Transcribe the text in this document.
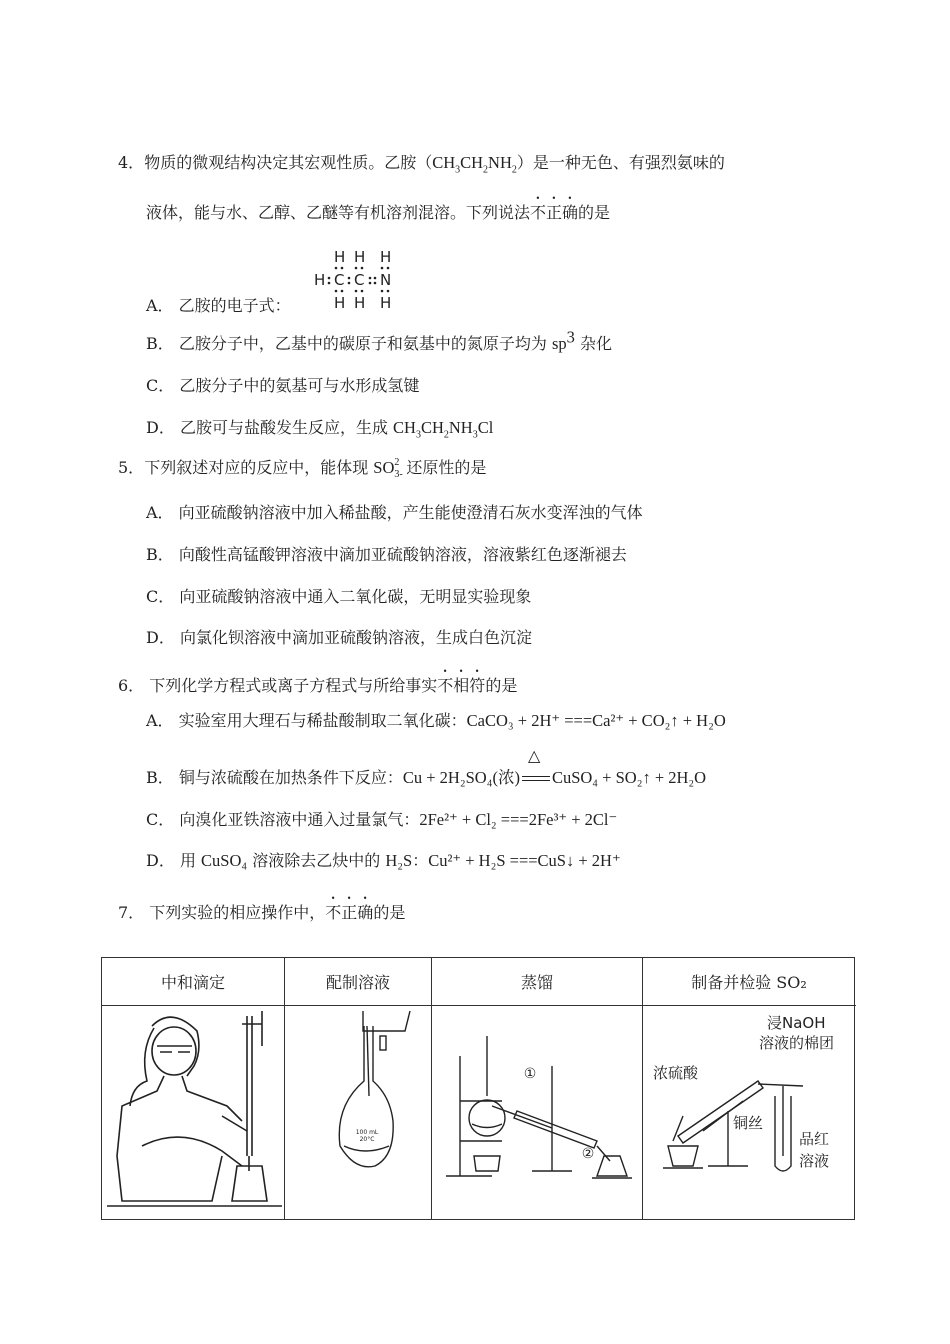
4．物质的微观结构决定其宏观性质。乙胺$(CH_3CH_2NH_2)$是一种无色、有强烈氨味的
液体，能与水、乙醇、乙醚等有机溶剂混溶。下列说法不正确的是
H H H
H C C N
H H H
A． 乙胺的电子式：
B． 乙胺分子中，乙基中的碳原子和氨基中的氮原子均为 $sp^3$ 杂化
C． 乙胺分子中的氨基可与水形成氢键
D． 乙胺可与盐酸发生反应，生成 $CH_3CH_2NH_3Cl$
5．下列叙述对应的反应中，能体现 SO 2
3- 还原性的是
A． 向亚硫酸钠溶液中加入稀盐酸，产生能使澄清石灰水变浑浊的气体
B． 向酸性高锰酸钾溶液中滴加亚硫酸钠溶液，溶液紫红色逐渐褪去
C． 向亚硫酸钠溶液中通入二氧化碳，无明显实验现象
D． 向氯化钡溶液中滴加亚硫酸钠溶液，生成白色沉淀
6． 下列化学方程式或离子方程式与所给事实不相符的是
A． 实验室用大理石与稀盐酸制取二氧化碳：CaCO₃ + 2H⁺ ===Ca²⁺ + CO₂↑ + H₂O
B． 铜与浓硫酸在加热条件下反应：Cu + 2H₂SO₄(浓)
△
CuSO₄ + SO₂↑ + 2H₂O
C． 向溴化亚铁溶液中通入过量氯气：2Fe²⁺ + Cl₂ ===2Fe³⁺ + 2Cl⁻
D． 用 CuSO₄ 溶液除去乙炔中的 H₂S：Cu²⁺ + H₂S ===CuS↓ + 2H⁺
7． 下列实验的相应操作中，不正确的是
中和滴定	配制溶液	蒸馏	制备并检验 SO₂
100 mL
20°C
①
②
浸NaOH
溶液的棉团
浓硫酸
铜丝
品红
溶液
